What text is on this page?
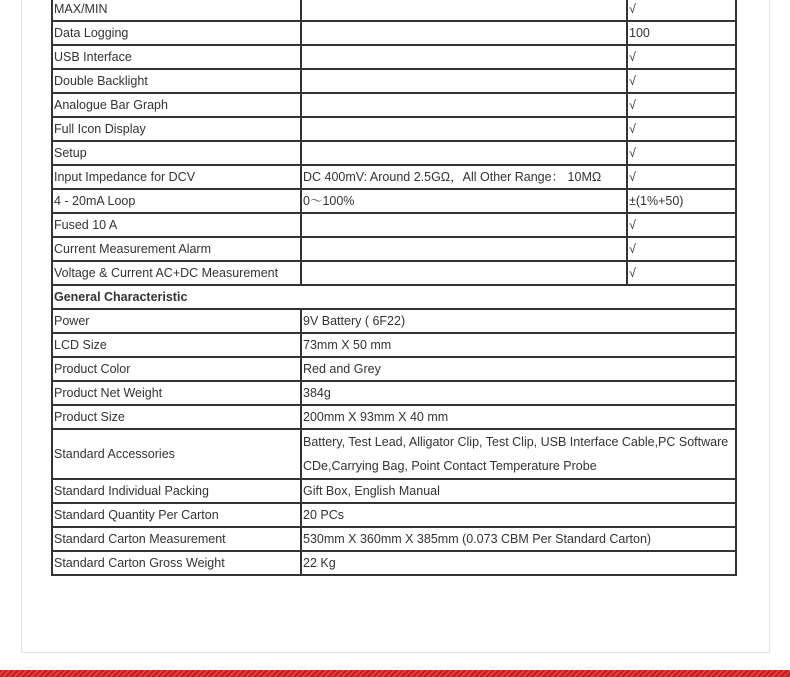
MAX/MIN		√
Data Logging		100
USB Interface		√
Double Backlight		√
Analogue Bar Graph		√
Full Icon Display		√
Setup		√
Input Impedance for DCV	DC 400mV: Around 2.5GΩ，All Other Range： 10MΩ	√
4 - 20mA Loop	0～100%	±(1%+50)
Fused 10 A		√
Current Measurement Alarm		√
Voltage & Current AC+DC Measurement		√
General Characteristic		
Power	9V Battery ( 6F22)	
LCD Size	73mm X 50 mm	
Product Color	Red and Grey	
Product Net Weight	384g	
Product Size	200mm X 93mm X 40 mm	
Standard Accessories	Battery, Test Lead, Alligator Clip, Test Clip, USB Interface Cable,PC Software CDe,Carrying Bag, Point Contact Temperature Probe	
Standard Individual Packing	Gift Box, English Manual	
Standard Quantity Per Carton	20 PCs	
Standard Carton Measurement	530mm X 360mm X 385mm (0.073 CBM Per Standard Carton)	
Standard Carton Gross Weight	22 Kg	
